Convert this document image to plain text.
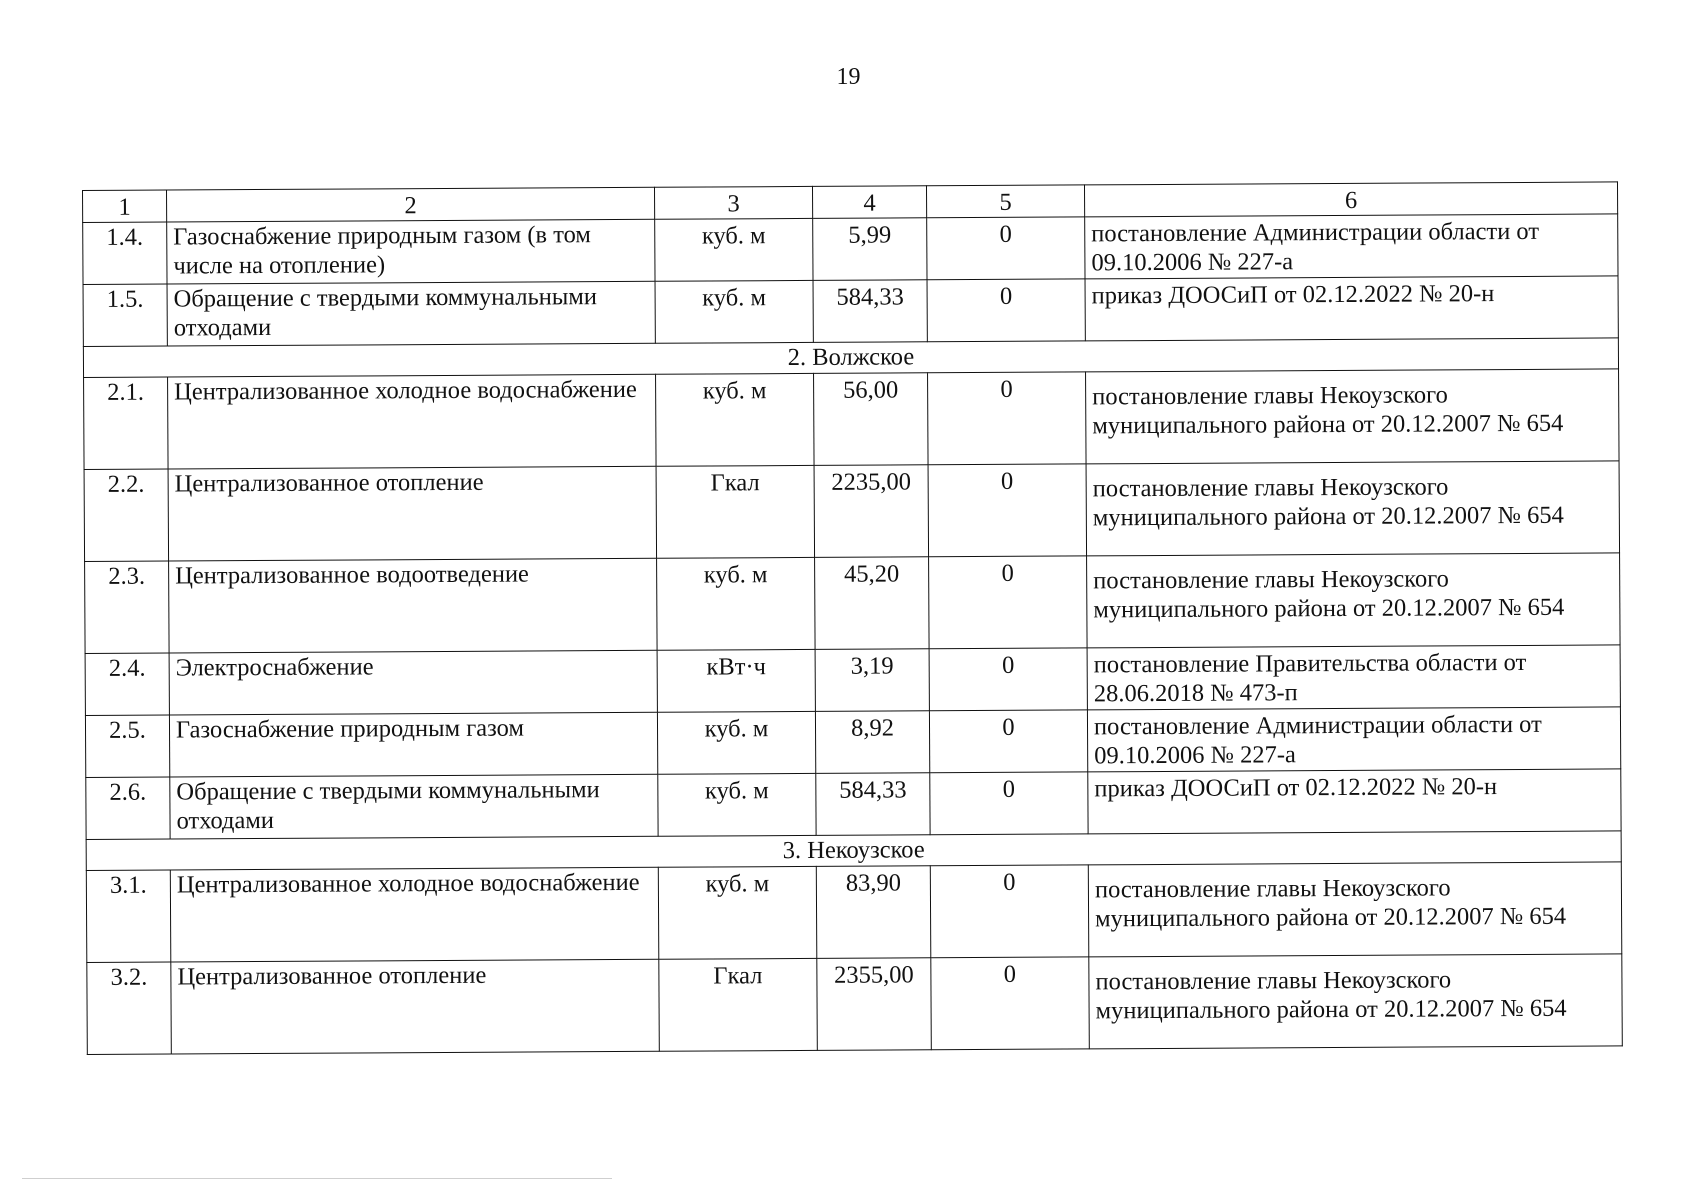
19
1	2	3	4	5	6
1.4.	Газоснабжение природным газом (в том числе на отопление)	куб. м	5,99	0	постановление Администрации области от 09.10.2006 № 227-а
1.5.	Обращение с твердыми коммунальными отходами	куб. м	584,33	0	приказ ДООСиП от 02.12.2022 № 20-н
2. Волжское					
2.1.	Централизованное холодное водоснабжение	куб. м	56,00	0	постановление главы Некоузского муниципального района от 20.12.2007 № 654
2.2.	Централизованное отопление	Гкал	2235,00	0	постановление главы Некоузского муниципального района от 20.12.2007 № 654
2.3.	Централизованное водоотведение	куб. м	45,20	0	постановление главы Некоузского муниципального района от 20.12.2007 № 654
2.4.	Электроснабжение	кВт·ч	3,19	0	постановление Правительства области от 28.06.2018 № 473-п
2.5.	Газоснабжение природным газом	куб. м	8,92	0	постановление Администрации области от 09.10.2006 № 227-а
2.6.	Обращение с твердыми коммунальными отходами	куб. м	584,33	0	приказ ДООСиП от 02.12.2022 № 20-н
3. Некоузское					
3.1.	Централизованное холодное водоснабжение	куб. м	83,90	0	постановление главы Некоузского муниципального района от 20.12.2007 № 654
3.2.	Централизованное отопление	Гкал	2355,00	0	постановление главы Некоузского муниципального района от 20.12.2007 № 654
